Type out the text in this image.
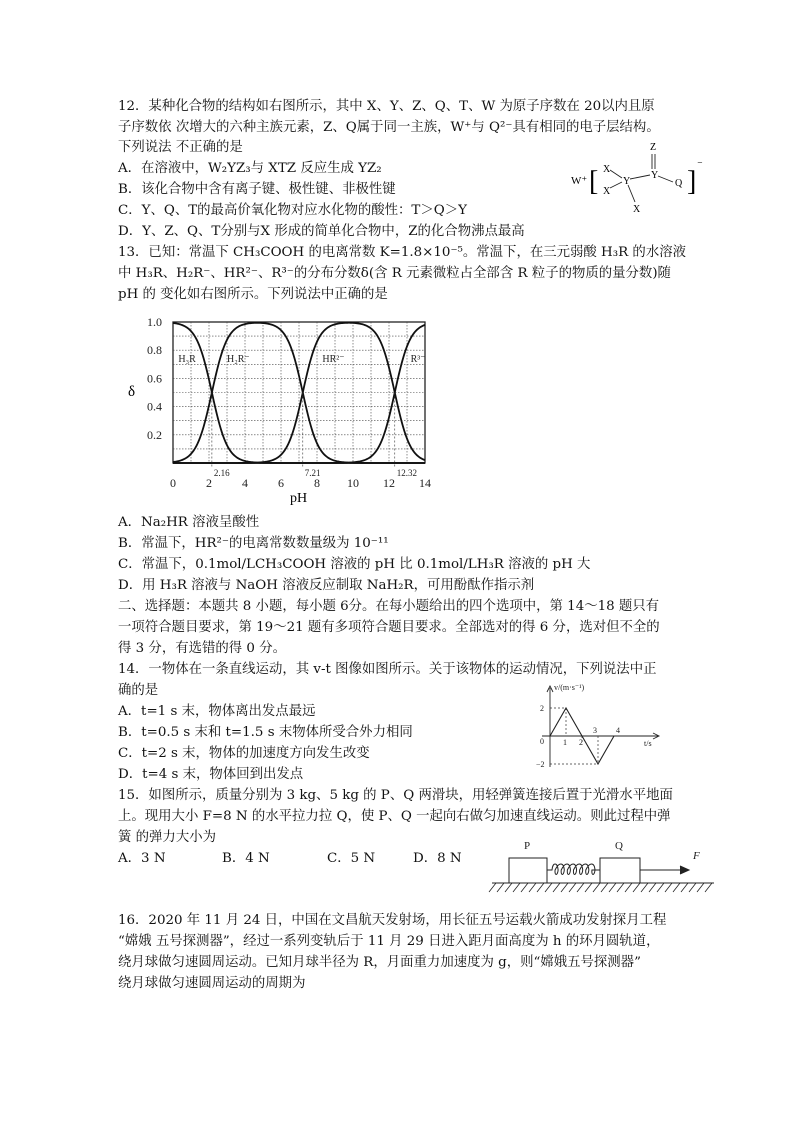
12．某种化合物的结构如右图所示，其中 X、Y、Z、Q、T、W 为原子序数在 20以内且原
子序数依 次增大的六种主族元素，Z、Q属于同一主族，W⁺与 Q²⁻具有相同的电子层结构。
下列说法 不正确的是
A．在溶液中，W₂YZ₃与 XTZ 反应生成 YZ₂
B．该化合物中含有离子键、极性键、非极性键
C．Y、Q、T的最高价氧化物对应水化物的酸性：T＞Q＞Y
D．Y、Z、Q、T分别与X 形成的简单化合物中，Z的化合物沸点最高
W⁺ [ X
X
Y
Y
Z
Q
X
]
⁻
13．已知：常温下 CH₃COOH 的电离常数 K=1.8×10⁻⁵。常温下，在三元弱酸 H₃R 的水溶液
中 H₃R、H₂R⁻、HR²⁻、R³⁻的分布分数δ(含 R 元素微粒占全部含 R 粒子的物质的量分数)随
pH 的 变化如右图所示。下列说法中正确的是
0	2	4	6	8 10 12 14
0.2
0.4
0.6
0.8
1.0
H₃R	H₂R⁻	HR²⁻	R³⁻
2.16	7.21	12.32
pH
δ
A．Na₂HR 溶液呈酸性
B．常温下，HR²⁻的电离常数数量级为 10⁻¹¹
C．常温下，0.1mol/LCH₃COOH 溶液的 pH 比 0.1mol/LH₃R 溶液的 pH 大
D．用 H₃R 溶液与 NaOH 溶液反应制取 NaH₂R，可用酚酞作指示剂
二、选择题：本题共 8 小题，每小题 6分。在每小题给出的四个选项中，第 14～18 题只有
一项符合题目要求，第 19～21 题有多项符合题目要求。全部选对的得 6 分，选对但不全的
得 3 分，有选错的得 0 分。
14．一物体在一条直线运动，其 v-t 图像如图所示。关于该物体的运动情况，下列说法中正
确的是
A．t=1 s 末，物体离出发点最远
B．t=0.5 s 末和 t=1.5 s 末物体所受合外力相同
C．t=2 s 末，物体的加速度方向发生改变
D．t=4 s 末，物体回到出发点
v/(m·s⁻¹)
t/s
0
2
−2
1 2
3 4
15．如图所示，质量分别为 3 kg、5 kg 的 P、Q 两滑块，用轻弹簧连接后置于光滑水平地面
上。现用大小 F=8 N 的水平拉力拉 Q，使 P、Q 一起向右做匀加速直线运动。则此过程中弹
簧 的弹力大小为
A．3 N	B．4 N	C．5 N	D．8 N
P	Q
F
16．2020 年 11 月 24 日，中国在文昌航天发射场，用长征五号运载火箭成功发射探月工程
“嫦娥 五号探测器”，经过一系列变轨后于 11 月 29 日进入距月面高度为 h 的环月圆轨道，
绕月球做匀速圆周运动。已知月球半径为 R，月面重力加速度为 g，则“嫦娥五号探测器”
绕月球做匀速圆周运动的周期为
